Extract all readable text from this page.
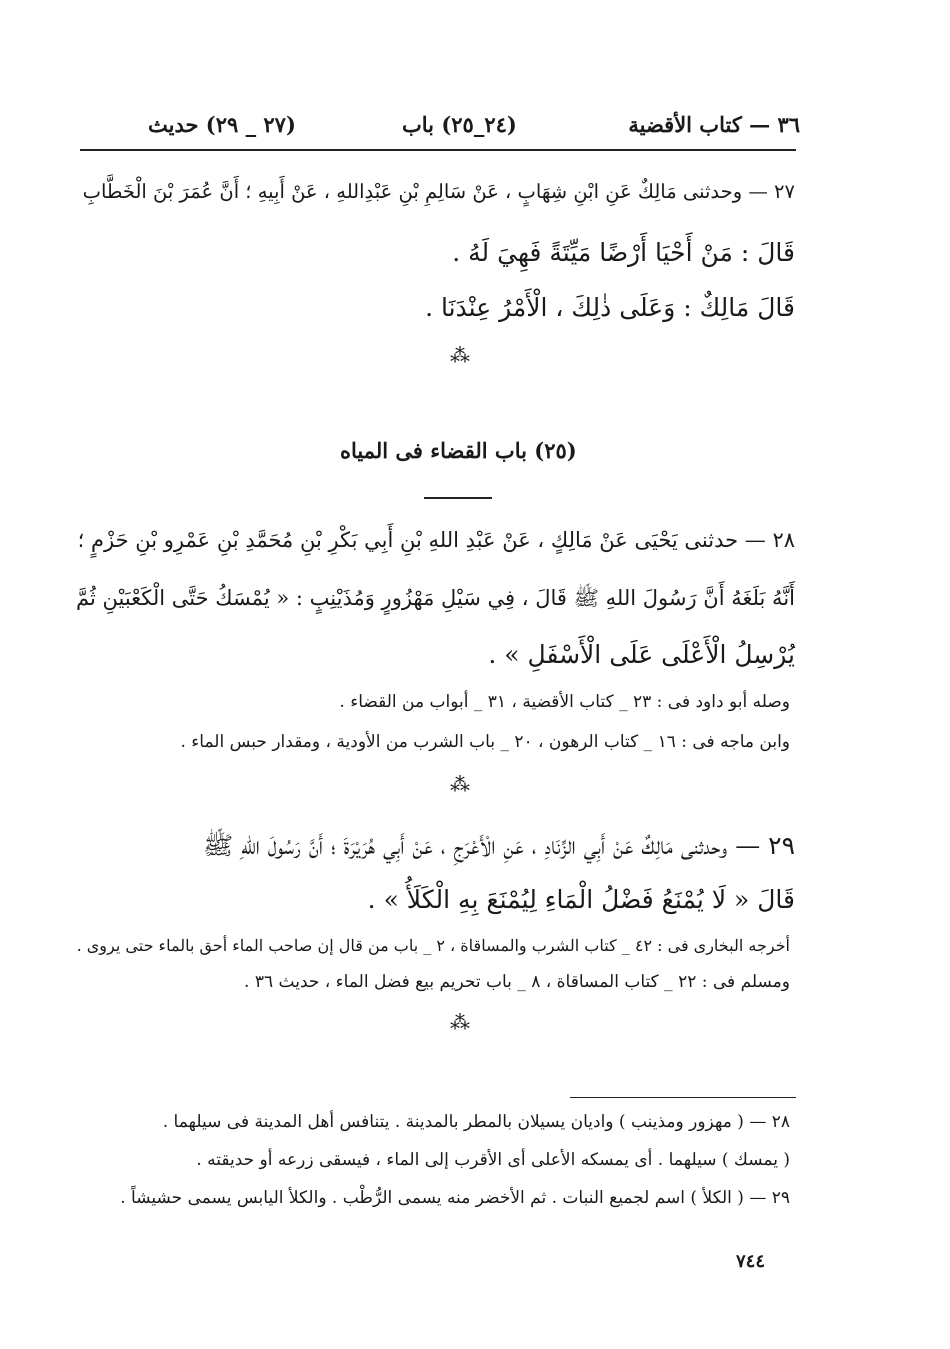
٣٦ — كتاب الأقضية
(٢٤_٢٥) باب
(٢٧ _ ٢٩) حديث
٢٧ — وحدثنى مَالِكٌ عَنِ ابْنِ شِهَابٍ ، عَنْ سَالِمِ بْنِ عَبْدِاللهِ ، عَنْ أَبِيهِ ؛ أَنَّ عُمَرَ بْنَ الْخَطَّابِ
قَالَ : مَنْ أَحْيَا أَرْضًا مَيِّتَةً فَهِيَ لَهُ .
قَالَ مَالِكٌ : وَعَلَى ذٰلِكَ ، الْأَمْرُ عِنْدَنَا .
⁂
(٢٥) باب القضاء فى المياه
٢٨ — حدثنى يَحْيَى عَنْ مَالِكٍ ، عَنْ عَبْدِ اللهِ بْنِ أَبِي بَكْرِ بْنِ مُحَمَّدِ بْنِ عَمْرِو بْنِ حَزْمٍ ؛
أَنَّهُ بَلَغَهُ أَنَّ رَسُولَ اللهِ ﷺ قَالَ ، فِي سَيْلِ مَهْزُورٍ وَمُذَيْنِبٍ : « يُمْسَكُ حَتَّى الْكَعْبَيْنِ ثُمَّ
يُرْسِلُ الْأَعْلَى عَلَى الْأَسْفَلِ » .
وصله أبو داود فى : ٢٣ _ كتاب الأقضية ، ٣١ _ أبواب من القضاء .
وابن ماجه فى : ١٦ _ كتاب الرهون ، ٢٠ _ باب الشرب من الأودية ، ومقدار حبس الماء .
⁂
٢٩ — وحدثنى مَالِكٌ عَنْ أَبِي الزِّنَادِ ، عَنِ الْأَعْرَجِ ، عَنْ أَبِي هُرَيْرَةَ ؛ أَنَّ رَسُولَ اللهِ ﷺ
قَالَ « لَا يُمْنَعُ فَضْلُ الْمَاءِ لِيُمْنَعَ بِهِ الْكَلَأُ » .
أخرجه البخارى فى : ٤٢ _ كتاب الشرب والمساقاة ، ٢ _ باب من قال إن صاحب الماء أحق بالماء حتى يروى .
ومسلم فى : ٢٢ _ كتاب المساقاة ، ٨ _ باب تحريم بيع فضل الماء ، حديث ٣٦ .
⁂
٢٨ — ( مهزور ومذينب ) واديان يسيلان بالمطر بالمدينة . يتنافس أهل المدينة فى سيلهما .
( يمسك ) سيلهما . أى يمسكه الأعلى أى الأقرب إلى الماء ، فيسقى زرعه أو حديقته .
٢٩ — ( الكلأ ) اسم لجميع النبات . ثم الأخضر منه يسمى الرُّطْب . والكلأ اليابس يسمى حشيشاً .
٧٤٤
